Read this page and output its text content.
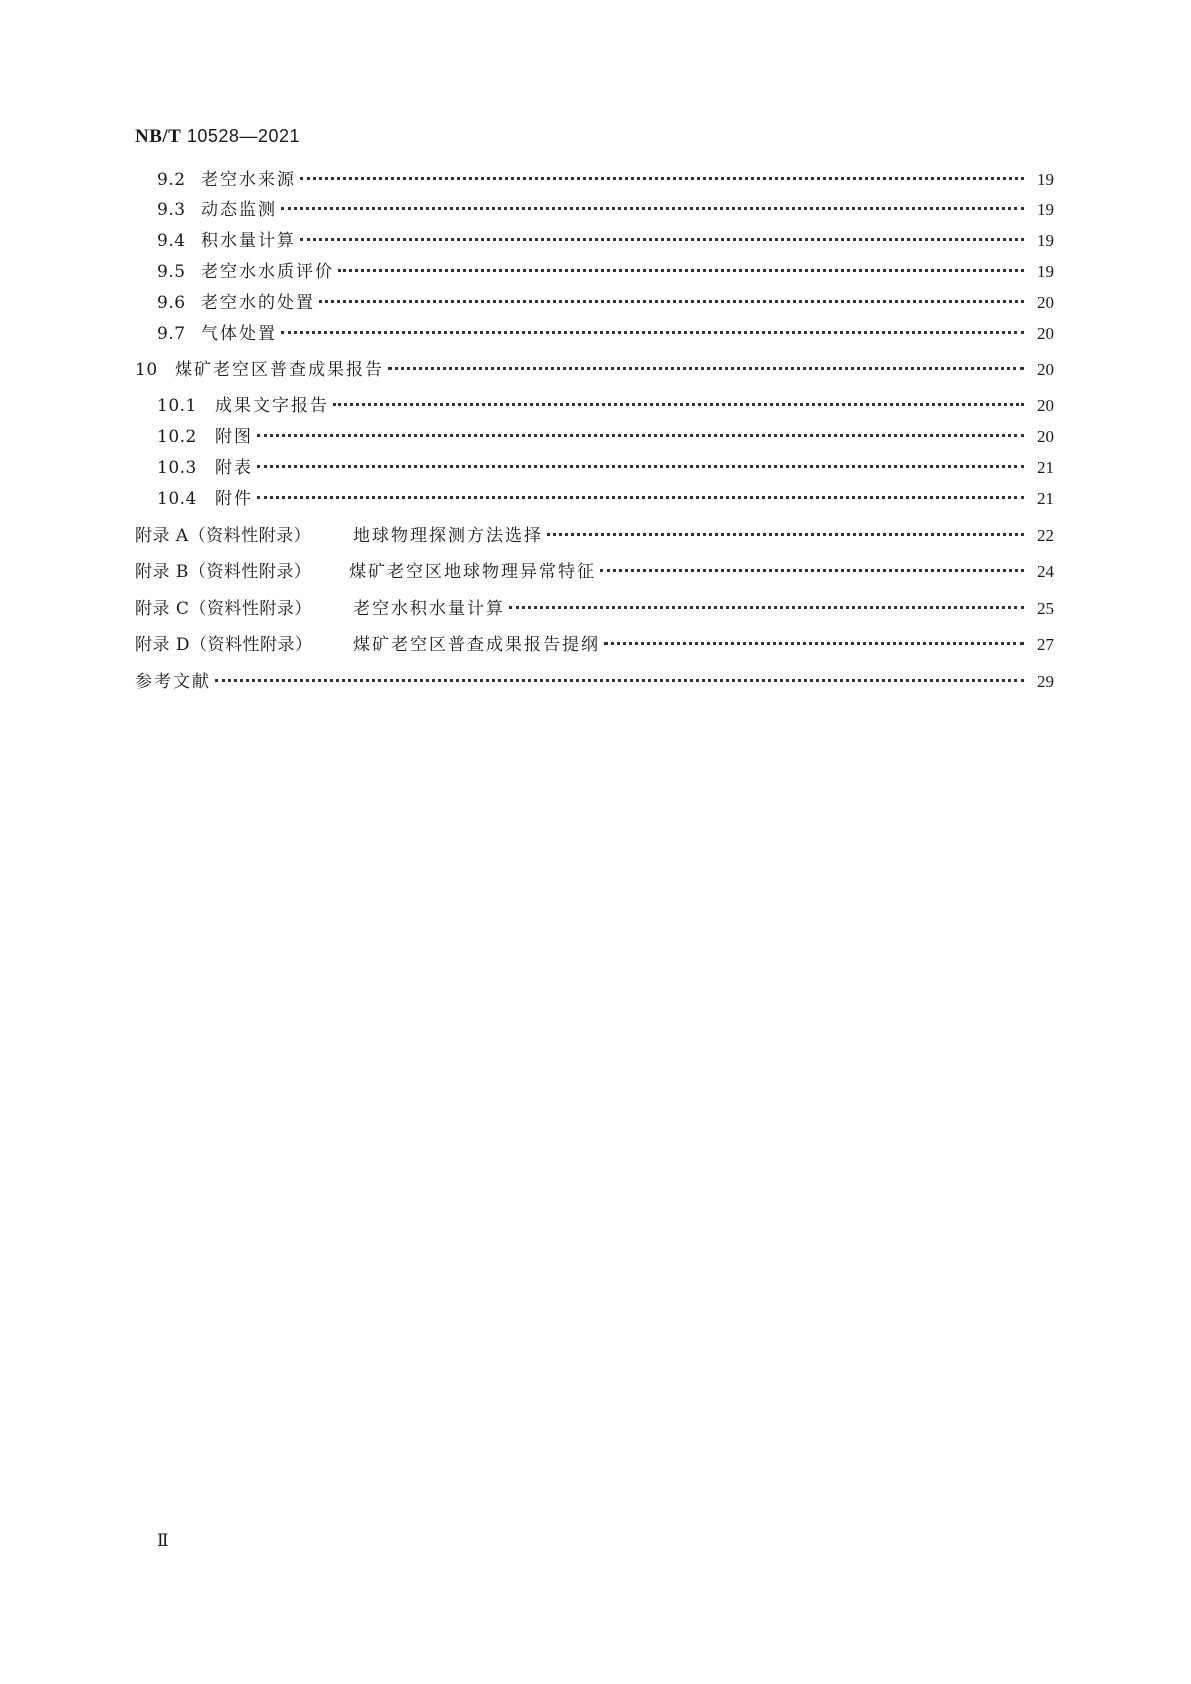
NB/T 10528—2021
9.2 老空水来源	19
9.3 动态监测	19
9.4 积水量计算	19
9.5 老空水水质评价	19
9.6 老空水的处置	20
9.7 气体处置	20
10	煤矿老空区普查成果报告	20
10.1	成果文字报告	20
10.2	附图	20
10.3	附表	21
10.4	附件	21
附录 A（资料性附录）	地球物理探测方法选择	22
附录 B（资料性附录）	煤矿老空区地球物理异常特征	24
附录 C（资料性附录）	老空水积水量计算	25
附录 D（资料性附录）	煤矿老空区普查成果报告提纲	27
参考文献	29
Ⅱ
